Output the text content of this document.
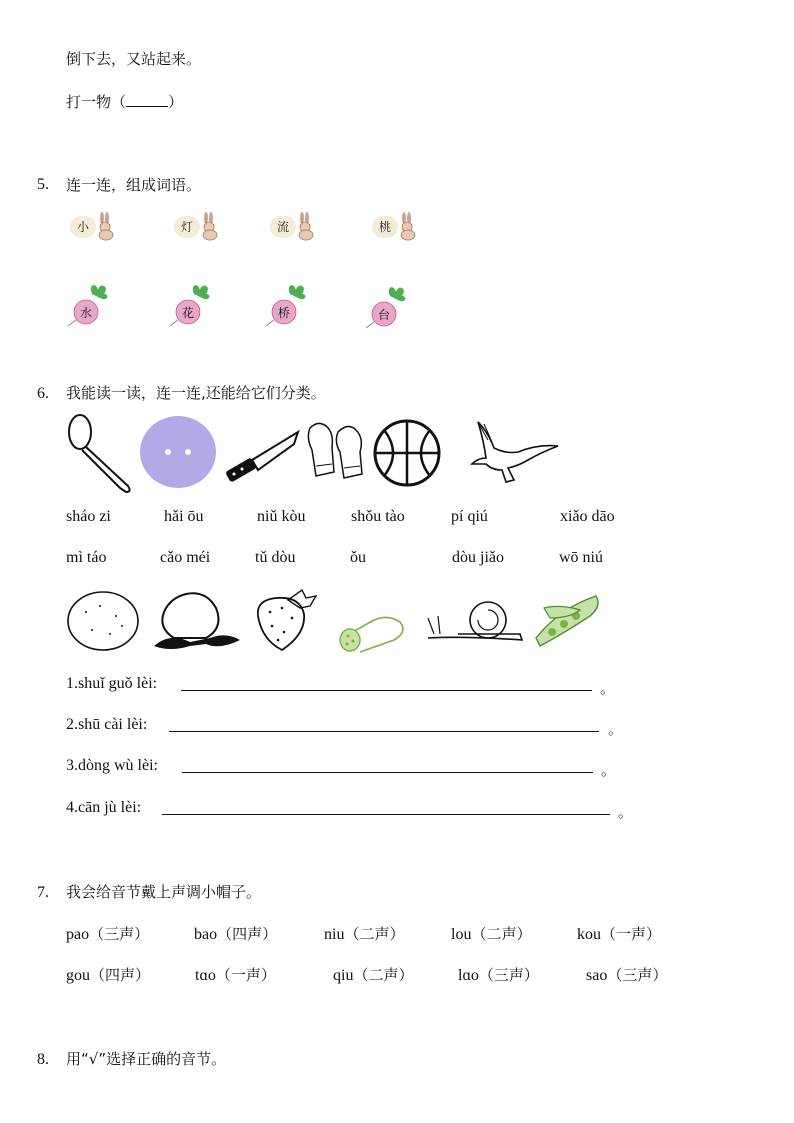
倒下去，又站起来。
打一物（	）
5. 连一连，组成词语。
小	灯	流	桃
水	花	桥	台
6. 我能读一读，连一连,还能给它们分类。
sháo zi	hǎi ōu	niǔ kòu	shǒu tào	pí qiú	xiǎo dāo
mì táo	cǎo méi	tǔ dòu	ǒu	dòu jiǎo	wō niú
1.shuǐ guǒ lèi:	。
2.shū cài lèi:	。
3.dòng wù lèi:	。
4.cān jù lèi:	。
7. 我会给音节戴上声调小帽子。
pao（三声）	bao（四声）	niu（二声）	lou（二声）	kou（一声）
gou（四声）	tɑo（一声）	qiu（二声）	lɑo（三声）	sao（三声）
8. 用“√”选择正确的音节。
